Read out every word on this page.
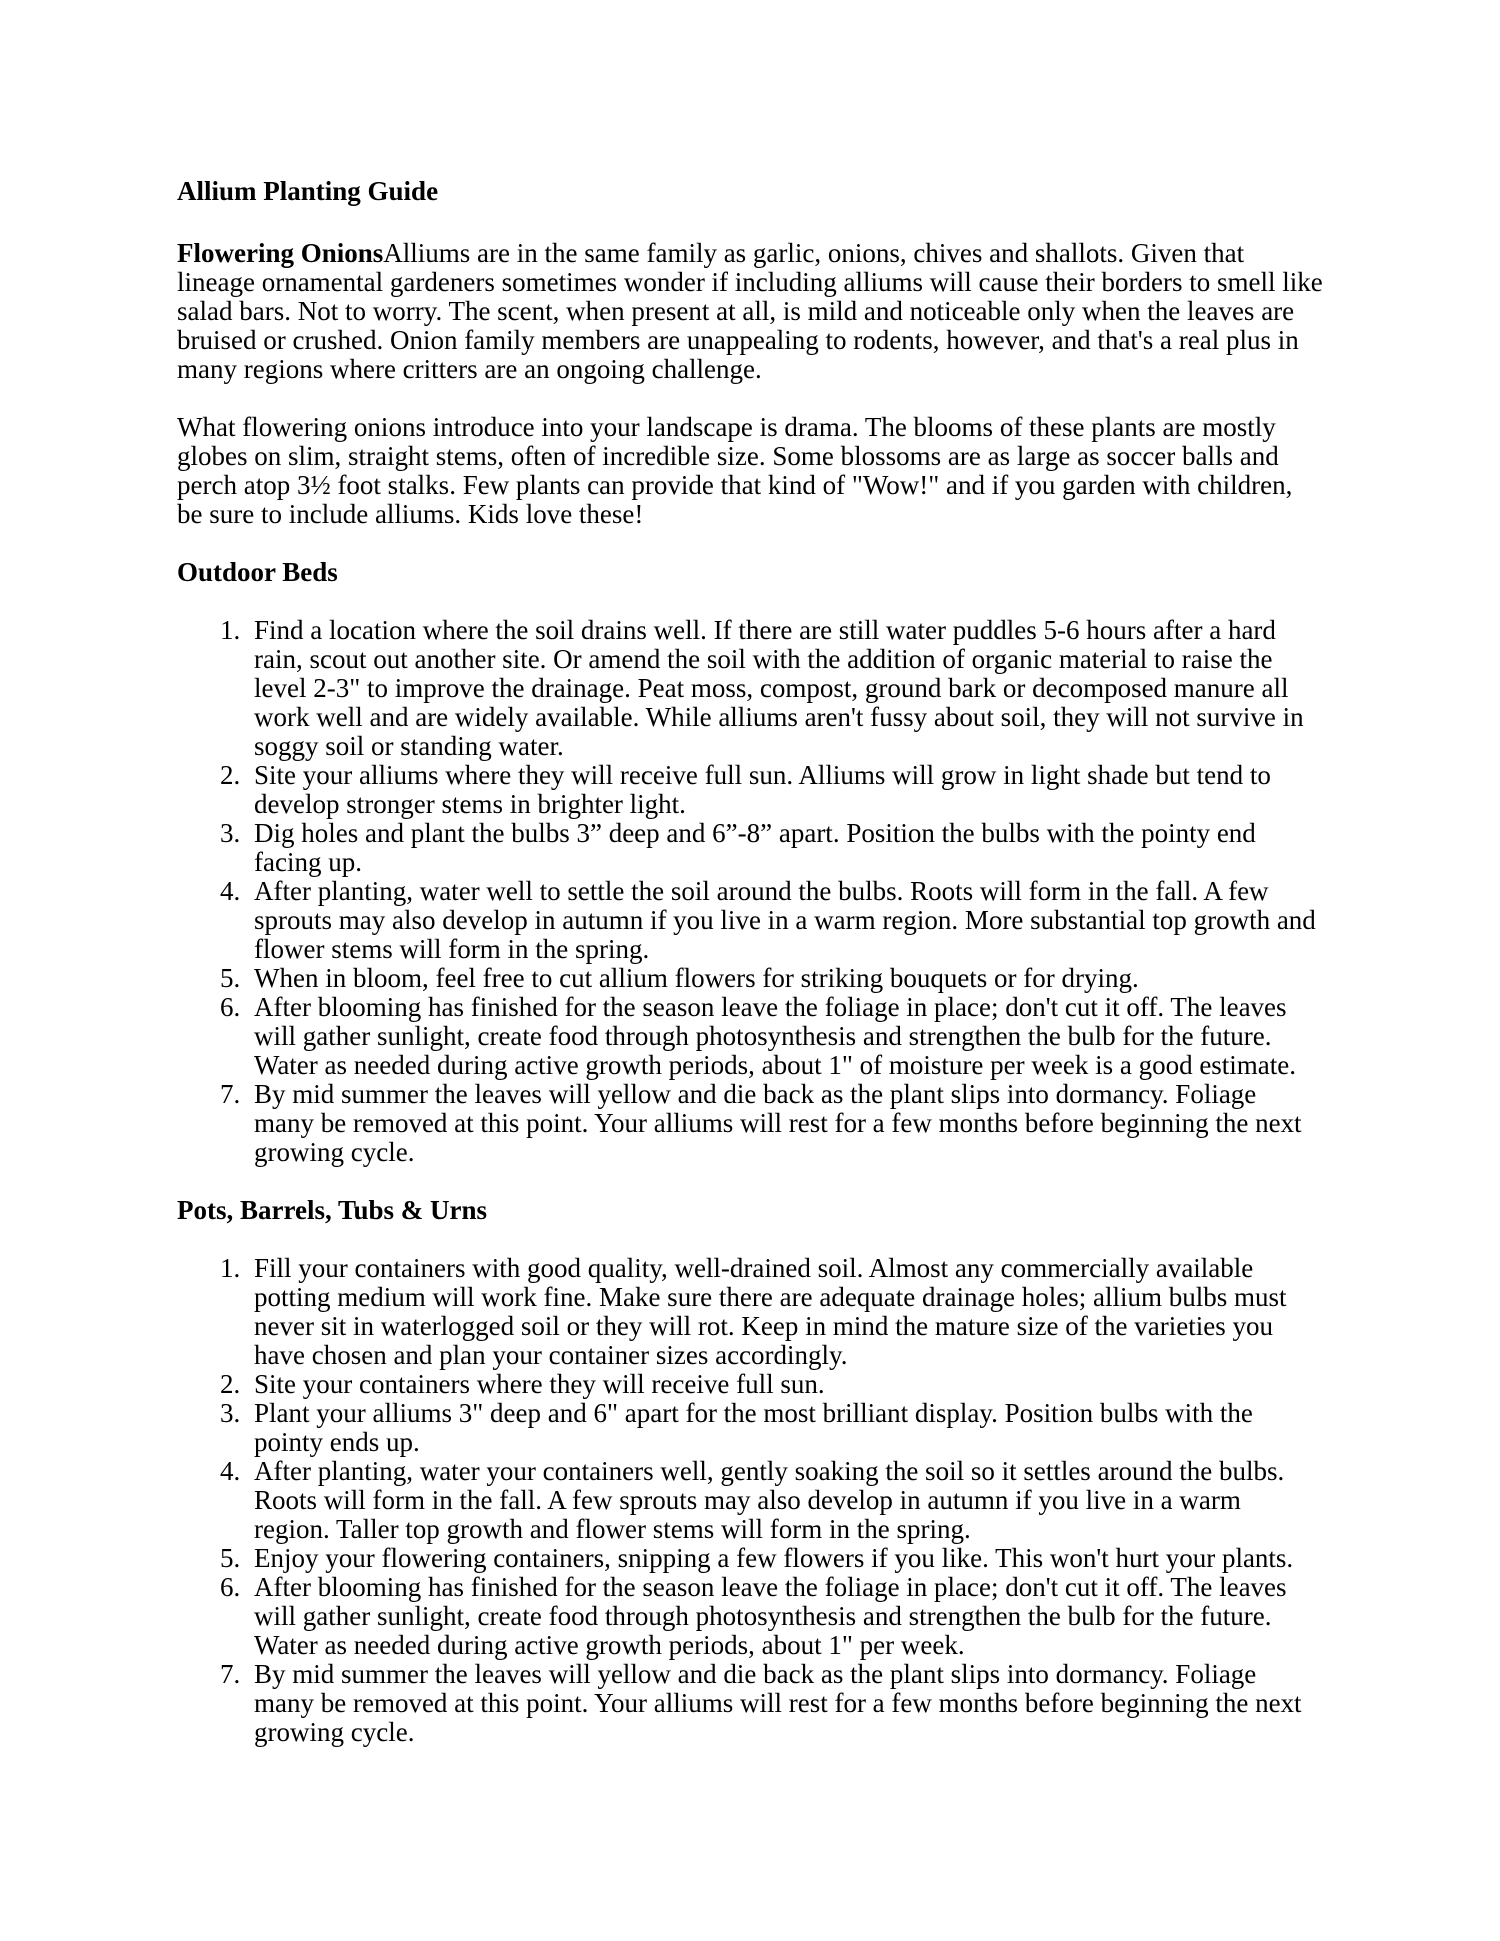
Allium Planting Guide

Flowering OnionsAlliums are in the same family as garlic, onions, chives and shallots. Given that lineage ornamental gardeners sometimes wonder if including alliums will cause their borders to smell like salad bars. Not to worry. The scent, when present at all, is mild and noticeable only when the leaves are bruised or crushed. Onion family members are unappealing to rodents, however, and that's a real plus in many regions where critters are an ongoing challenge.

What flowering onions introduce into your landscape is drama. The blooms of these plants are mostly globes on slim, straight stems, often of incredible size. Some blossoms are as large as soccer balls and perch atop 3½ foot stalks. Few plants can provide that kind of "Wow!" and if you garden with children, be sure to include alliums. Kids love these!

Outdoor Beds
Find a location where the soil drains well. If there are still water puddles 5-6 hours after a hard rain, scout out another site. Or amend the soil with the addition of organic material to raise the level 2-3" to improve the drainage. Peat moss, compost, ground bark or decomposed manure all work well and are widely available. While alliums aren't fussy about soil, they will not survive in soggy soil or standing water.
Site your alliums where they will receive full sun. Alliums will grow in light shade but tend to develop stronger stems in brighter light.
Dig holes and plant the bulbs 3” deep and 6”-8” apart. Position the bulbs with the pointy end facing up.
After planting, water well to settle the soil around the bulbs. Roots will form in the fall. A few sprouts may also develop in autumn if you live in a warm region. More substantial top growth and flower stems will form in the spring.
When in bloom, feel free to cut allium flowers for striking bouquets or for drying.
After blooming has finished for the season leave the foliage in place; don't cut it off. The leaves will gather sunlight, create food through photosynthesis and strengthen the bulb for the future. Water as needed during active growth periods, about 1" of moisture per week is a good estimate.
By mid summer the leaves will yellow and die back as the plant slips into dormancy. Foliage many be removed at this point. Your alliums will rest for a few months before beginning the next growing cycle.
Pots, Barrels, Tubs & Urns
Fill your containers with good quality, well-drained soil. Almost any commercially available potting medium will work fine. Make sure there are adequate drainage holes; allium bulbs must never sit in waterlogged soil or they will rot. Keep in mind the mature size of the varieties you have chosen and plan your container sizes accordingly.
Site your containers where they will receive full sun.
Plant your alliums 3" deep and 6" apart for the most brilliant display. Position bulbs with the pointy ends up.
After planting, water your containers well, gently soaking the soil so it settles around the bulbs. Roots will form in the fall. A few sprouts may also develop in autumn if you live in a warm region. Taller top growth and flower stems will form in the spring.
Enjoy your flowering containers, snipping a few flowers if you like. This won't hurt your plants.
After blooming has finished for the season leave the foliage in place; don't cut it off. The leaves will gather sunlight, create food through photosynthesis and strengthen the bulb for the future. Water as needed during active growth periods, about 1" per week.
By mid summer the leaves will yellow and die back as the plant slips into dormancy. Foliage many be removed at this point. Your alliums will rest for a few months before beginning the next growing cycle.
